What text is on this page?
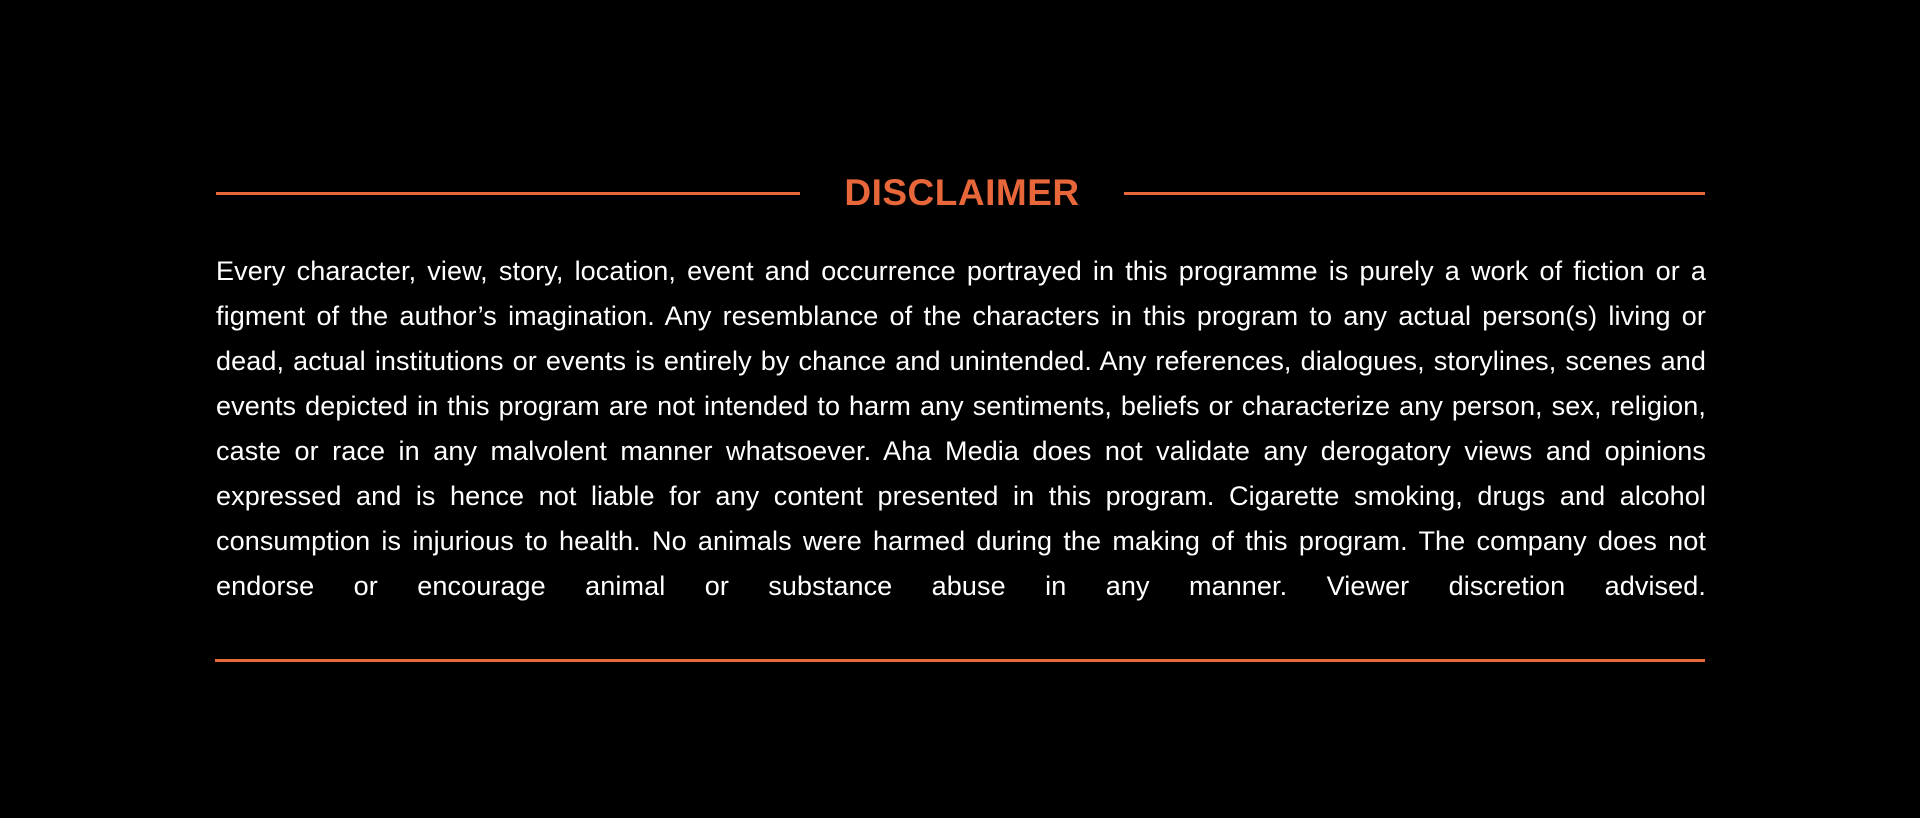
DISCLAIMER

Every character, view, story, location, event and occurrence portrayed in this programme is purely a work of fiction or a figment of the author’s imagination. Any resemblance of the characters in this program to any actual person(s) living or dead, actual institutions or events is entirely by chance and unintended. Any references, dialogues, storylines, scenes and events depicted in this program are not intended to harm any sentiments, beliefs or characterize any person, sex, religion, caste or race in any malvolent manner whatsoever. Aha Media does not validate any derogatory views and opinions expressed and is hence not liable for any content presented in this program. Cigarette smoking, drugs and alcohol consumption is injurious to health. No animals were harmed during the making of this program. The company does not endorse or encourage animal or substance abuse in any manner. Viewer discretion advised.
